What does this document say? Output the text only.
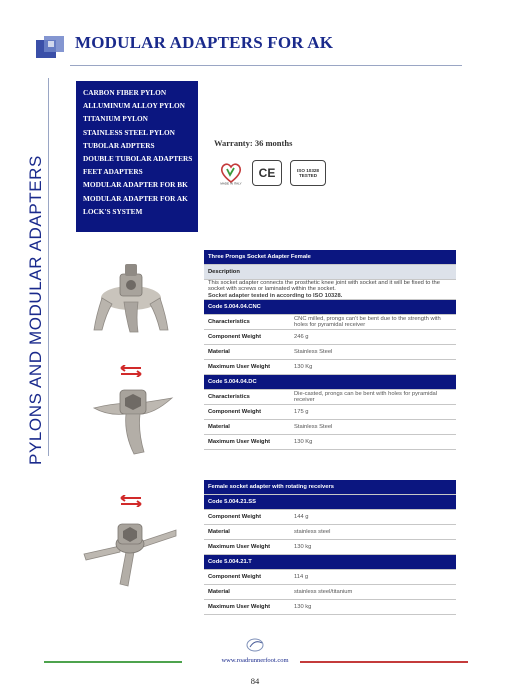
MODULAR ADAPTERS FOR AK
PYLONS AND MODULAR ADAPTERS
CARBON FIBER PYLON
ALLUMINUM ALLOY PYLON
TITANIUM PYLON
STAINLESS STEEL PYLON
TUBOLAR ADPTERS
DOUBLE TUBOLAR ADAPTERS
FEET ADAPTERS
MODULAR ADAPTER FOR BK
MODULAR ADAPTER FOR AK
LOCK'S SYSTEM
Warranty: 36 months
MADE IN ITALY
CE	ISO 10328 TESTED
Three Prongs Socket Adapter Female	
Description	
This socket adapter connects the prosthetic knee joint with socket and it will be fixed to the socket with screws or laminated within the socket.
Socket adapter tested in according to ISO 10328.	
Code 5.004.04.CNC	
Characteristics	CNC milled, prongs can't be bent due to the strength with holes for pyramidal receiver
Component Weight	246 g
Material	Stainless Steel
Maximum User Weight	130 Kg
Code 5.004.04.DC	
Characteristics	Die-casted, prongs can be bent with holes for pyramidal receiver
Component Weight	175 g
Material	Stainless Steel
Maximum User Weight	130 Kg
Female socket adapter with rotating receivers	
Code 5.004.21.SS	
Component Weight	144 g
Material	stainless steel
Maximum User Weight	130 kg
Code 5.004.21.T	
Component Weight	114 g
Material	stainless steel/titanium
Maximum User Weight	130 kg
www.roadrunnerfoot.com
84
